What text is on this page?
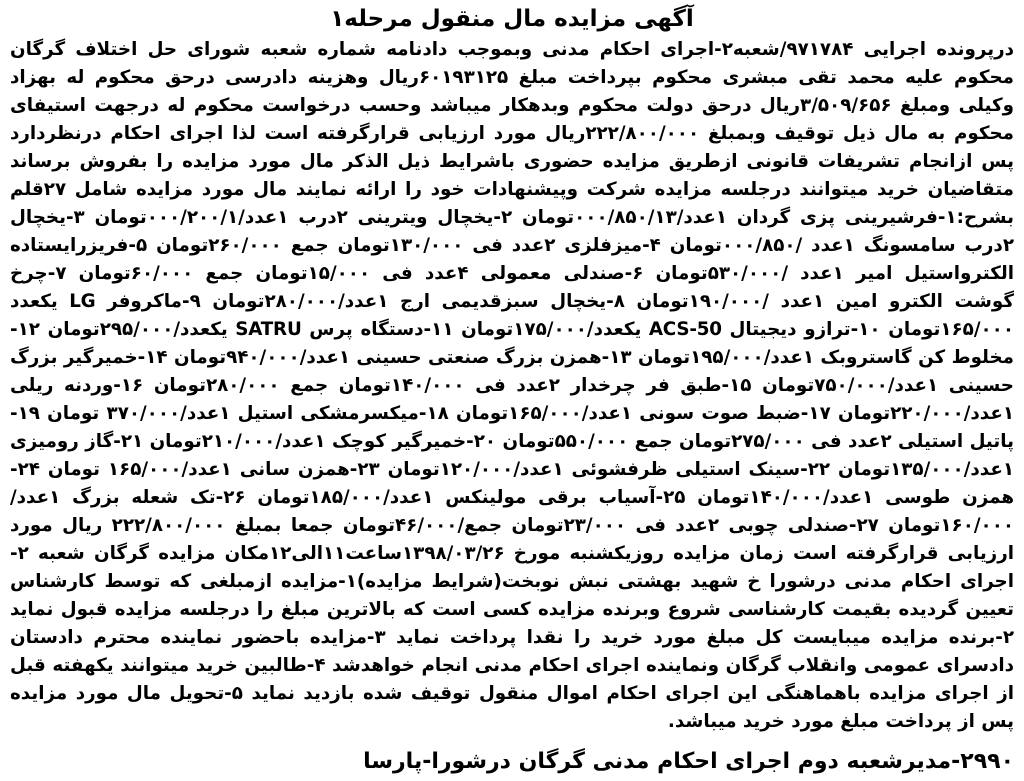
آگهی مزایده مال منقول مرحله۱

درپرونده اجرایی ۹۷۱۷۸۴/شعبه۲-اجرای احکام مدنی وبموجب دادنامه شماره شعبه شورای حل اختلاف گرگان محکوم علیه محمد تقی مبشری محکوم بپرداخت مبلغ ۶۰۱۹۳۱۲۵ریال وهزینه دادرسی درحق محکوم له بهزاد وکیلی ومبلغ ۳/۵۰۹/۶۵۶ریال درحق دولت محکوم وبدهکار میباشد وحسب درخواست محکوم له درجهت استیفای محکوم به مال ذیل توقیف وبمبلغ ۲۲۲/۸۰۰/۰۰۰ریال مورد ارزیابی قرارگرفته است لذا اجرای احکام درنظردارد پس ازانجام تشریفات قانونی ازطریق مزایده حضوری باشرایط ذیل الذکر مال مورد مزایده را بفروش برساند متقاضیان خرید میتوانند درجلسه مزایده شرکت وپیشنهادات خود را ارائه نمایند مال مورد مزایده شامل ۲۷قلم بشرح:۱-فرشیرینی پزی گردان ۱عدد/۰۰۰/۸۵۰/۱۳تومان ۲-یخچال ویترینی ۲درب ۱عدد/۰۰۰/۲۰۰/۱تومان ۳-یخچال ۲درب سامسونگ ۱عدد /۰۰۰/۸۵۰تومان ۴-میزفلزی ۲عدد فی ۱۳۰/۰۰۰تومان جمع ۲۶۰/۰۰۰تومان ۵-فریزرایستاده الکترواستیل امیر ۱عدد /۵۳۰/۰۰۰تومان ۶-صندلی معمولی ۴عدد فی ۱۵/۰۰۰تومان جمع ۶۰/۰۰۰تومان ۷-چرخ گوشت الکترو امین ۱عدد /۱۹۰/۰۰۰تومان ۸-یخچال سبزقدیمی ارج ۱عدد/۲۸۰/۰۰۰تومان ۹-ماکروفر LG یکعدد ۱۶۵/۰۰۰تومان ۱۰-ترازو دیجیتال ACS-50 یکعدد/۱۷۵/۰۰۰تومان ۱۱-دستگاه پرس SATRU یکعدد/۲۹۵/۰۰۰تومان ۱۲-مخلوط کن گاستروبک ۱عدد/۱۹۵/۰۰۰تومان ۱۳-همزن بزرگ صنعتی حسینی ۱عدد/۹۴۰/۰۰۰تومان ۱۴-خمیرگیر بزرگ حسینی ۱عدد/۷۵۰/۰۰۰تومان ۱۵-طبق فر چرخدار ۲عدد فی ۱۴۰/۰۰۰تومان جمع ۲۸۰/۰۰۰تومان ۱۶-وردنه ریلی ۱عدد/۲۲۰/۰۰۰تومان ۱۷-ضبط صوت سونی ۱عدد/۱۶۵/۰۰۰تومان ۱۸-میکسرمشکی استیل ۱عدد/۳۷۰/۰۰۰ تومان ۱۹-پاتیل استیلی ۲عدد فی ۲۷۵/۰۰۰تومان جمع ۵۵۰/۰۰۰تومان ۲۰-خمیرگیر کوچک ۱عدد/۲۱۰/۰۰۰تومان ۲۱-گاز رومیزی ۱عدد/۱۳۵/۰۰۰تومان ۲۲-سینک استیلی ظرفشوئی ۱عدد/۱۲۰/۰۰۰تومان ۲۳-همزن سانی ۱عدد/۱۶۵/۰۰۰ تومان ۲۴-همزن طوسی ۱عدد/۱۴۰/۰۰۰تومان ۲۵-آسیاب برقی مولینکس ۱عدد/۱۸۵/۰۰۰تومان ۲۶-تک شعله بزرگ ۱عدد/۱۶۰/۰۰۰تومان ۲۷-صندلی چوبی ۲عدد فی ۲۳/۰۰۰تومان جمع/۴۶/۰۰۰تومان جمعا بمبلغ ۲۲۲/۸۰۰/۰۰۰ ریال مورد ارزیابی قرارگرفته است زمان مزایده روزیکشنبه مورخ ۱۳۹۸/۰۳/۲۶ساعت۱۱الی۱۲مکان مزایده گرگان شعبه ۲-اجرای احکام مدنی درشورا خ شهید بهشتی نبش نوبخت(شرایط مزایده)۱-مزایده ازمبلغی که توسط کارشناس تعیین گردیده بقیمت کارشناسی شروع وبرنده مزایده کسی است که بالاترین مبلغ را درجلسه مزایده قبول نماید ۲-برنده مزایده میبایست کل مبلغ مورد خرید را نقدا پرداخت نماید ۳-مزایده باحضور نماینده محترم دادستان دادسرای عمومی وانقلاب گرگان ونماینده اجرای احکام مدنی انجام خواهدشد ۴-طالبین خرید میتوانند یکهفته قبل از اجرای مزایده باهماهنگی این اجرای احکام اموال منقول توقیف شده بازدید نماید ۵-تحویل مال مورد مزایده پس از پرداخت مبلغ مورد خرید میباشد.

۲۹۹۰-مدیرشعبه دوم اجرای احکام مدنی گرگان درشورا-پارسا
